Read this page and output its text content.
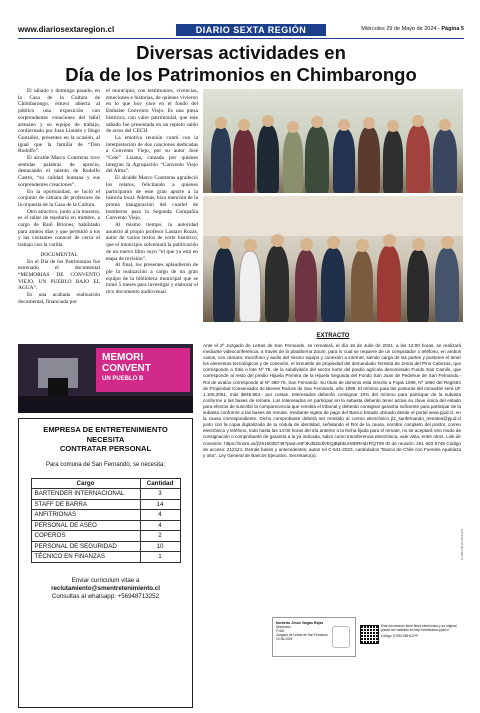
www.diariosextaregion.cl	DIARIO SEXTA REGIÓN	Miércoles 29 de Mayo de 2024 - Página 5
Diversas actividades en
Día de los Patrimonios en Chimbarongo

El sábado y domingo pasado, en la Casa de la Cultura de Chimbarongo, estuvo abierta al público una exposición con sorprendentes creaciones del hábil artesano y su equipo de trabajo, conformado por Juan Llantén y Hugo González, presentes en la ocasión, al igual que la familia de “Don Rodolfo”.

El alcalde Marco Contreras tuvo sentidas palabras de aprecio, destacando el talento de Rodolfo Castro, “su calidad humana y sus sorprendentes creaciones”.

En la oportunidad, se lució el conjunto de cámara de profesores de la orquesta de la Casa de la Cultura.

Otro atractivo, junto a la muestra, es el taller de tejeduría en mimbre, a cargo de Raúl Briones, habilitado para ambos días y que permitió a los y las visitantes conocer de cerca el trabajo con la varilla.

DOCUMENTAL

En el Día de los Patrimonios fue estrenado el documental “MEMORIAS DE CONVENTO VIEJO, UN PUEBLO BAJO EL AGUA”.

Es una acabada realización documental, financiada por

el municipio, con testimonios, vivencias, emociones e historias, de quienes vivieron en lo que hoy yace en el fondo del Embalse Convento Viejo. Es una pieza histórica, con valor patrimonial, que este sábado fue presentada en un repleto salón de actos del CECH.

La emotiva reunión contó con la interpretación de dos canciones dedicadas a Convento Viejo, por su autor José “Cote” Lizana, cantada por quienes integran la Agrupación “Convento Viejo del Alma”.

El alcalde Marco Contreras agradeció los relatos, felicitando a quienes participaron de este gran aporte a la historia local. Además, hizo mención de la pronta inauguración del cuartel de bomberos para la Segunda Compañía Convento Viejo.

Al mismo tiempo, la autoridad anunció al propio profesor Lautaro Rozas, autor de varios textos de corte histórico, que el municipio solventará la publicación de un nuevo libro suyo “el que ya está en etapa de revisión”.

Al final, los presentes aplaudieron de pie la realización a cargo de un gran equipo de la biblioteca municipal que se tomó 5 meses para investigar y elaborar el rico documento audiovisual.

MEMORI
CONVENT
UN PUEBLO B
EXTRACTO
Ante el 2º Juzgado de Letras de San Fernando, se rematará, el día 18 de Julio de 2024, a las 12:00 horas, se realizará mediante videoconferencia, a través de la plataforma Zoom, para lo cual se requiere de un computador o teléfono, en ambos casos, con cámara, micrófono y audio del mismo equipo y conexión a internet, siendo carga de las partes y postores el tener los elementos tecnológicos y de conexión, el inmueble de propiedad del demandado Teresita de Jesús del Pino Cabezas, que corresponde a Sitio o lote Nº 75, de la subdivisión del sector norte del predio agrícola denominado Fundo San Camilo, que corresponde al resto del predio Hijuela Primera de la Hijuela Segunda del Fundo San Juan de Pedehue de San Fernando.- Rol de avalúo corresponde al Nº 380-75, San Fernando. Su título de dominio está inscrito a Fojas 1089, Nº 1690 del Registro de Propiedad Conservador de Bienes Raíces de San Fernando, año 1999. El mínimo para las posturas del inmueble será UF 1.105,2061, más $645.864.- por costas. Interesados deberán consignar 10% del mínimo para participar de la subasta conforme a las bases de remate. Los interesados en participar en la subasta deberán tener activa su clave única del estado para efectos de suscribir la comparecencia que remitirá el tribunal y deberán consignar garantía suficiente para participar de la subasta conforme a las bases de remate, mediante vigeta de pago del Banco Estado ubicado desde el portal www.pjud.cl, en la causa correspondiente. Dicho comprobante deberá ser remitido al correo electrónico jl2_sanfernando_remates@pjud.cl junto con la copia digitalizada de la cédula de identidad, señalando el Rol de la causa, nombre completo del postor, correo electrónico y teléfono, todo hasta las 14:00 horas del día anterior a la fecha fijada para el remate, no se aceptará otro modo de consignación o comprobante de garantía a la ya indicada, salvo como transferencia electrónica, vale vista, entre otros. Link de conexión: https://zoom.us/j/2616035749?pwd=MFJKd0ZxdlVEQjBpbkUrMDRHdzFlQT09 ID de reunión: 261 603 5749 Código de acceso: 212121. Demás bases y antecedentes, autos rol C-541-2023, caratulados “Banco de Chile con Fuentes Apablaza y otra”. Ley General de Bancos Ejecutivo. Secretario(a).
EMPRESA DE ENTRETENIMIENTO
NECESITA
CONTRATAR PERSONAL
Para comuna de San Fernando, se necesita:
Cargo	Cantidad
BARTENDER INTERNACIONAL	3
STAFF DE BARRA	14
ANFITRIONAS	4
PERSONAL DE ASEO	4
COPEROS	2
PERSONAL DE SEGURIDAD	10
TÉCNICO EN FINANZAS	1
Enviar curriculum vitae a
reclutamiento@smentretenimiento.cl
Consultas al whatsapp: +56948713252
Norberto Jesús Vargas Rojas
Secretario
PJUD
Juzgado de Letras de San Fernando
10-06-2024
Este documento tiene firma electrónica y su original puede ser validado en http://verificadoc.pjud.cl
Código: EXRCXMHLDYF
C-2024-06-04 09:24:05
